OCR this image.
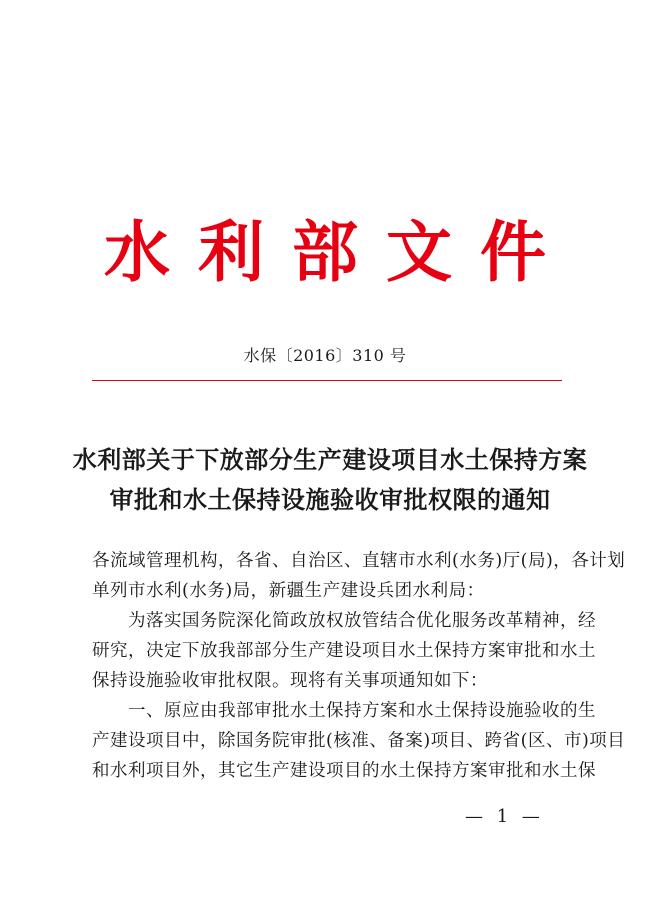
水利部文件
水保〔2016〕310 号
水利部关于下放部分生产建设项目水土保持方案
审批和水土保持设施验收审批权限的通知

各流域管理机构，各省、自治区、直辖市水利(水务)厅(局)，各计划

单列市水利(水务)局，新疆生产建设兵团水利局：

　　为落实国务院深化简政放权放管结合优化服务改革精神，经

研究，决定下放我部部分生产建设项目水土保持方案审批和水土

保持设施验收审批权限。现将有关事项通知如下：

　　一、原应由我部审批水土保持方案和水土保持设施验收的生

产建设项目中，除国务院审批(核准、备案)项目、跨省(区、市)项目

和水利项目外，其它生产建设项目的水土保持方案审批和水土保

— 1 —
